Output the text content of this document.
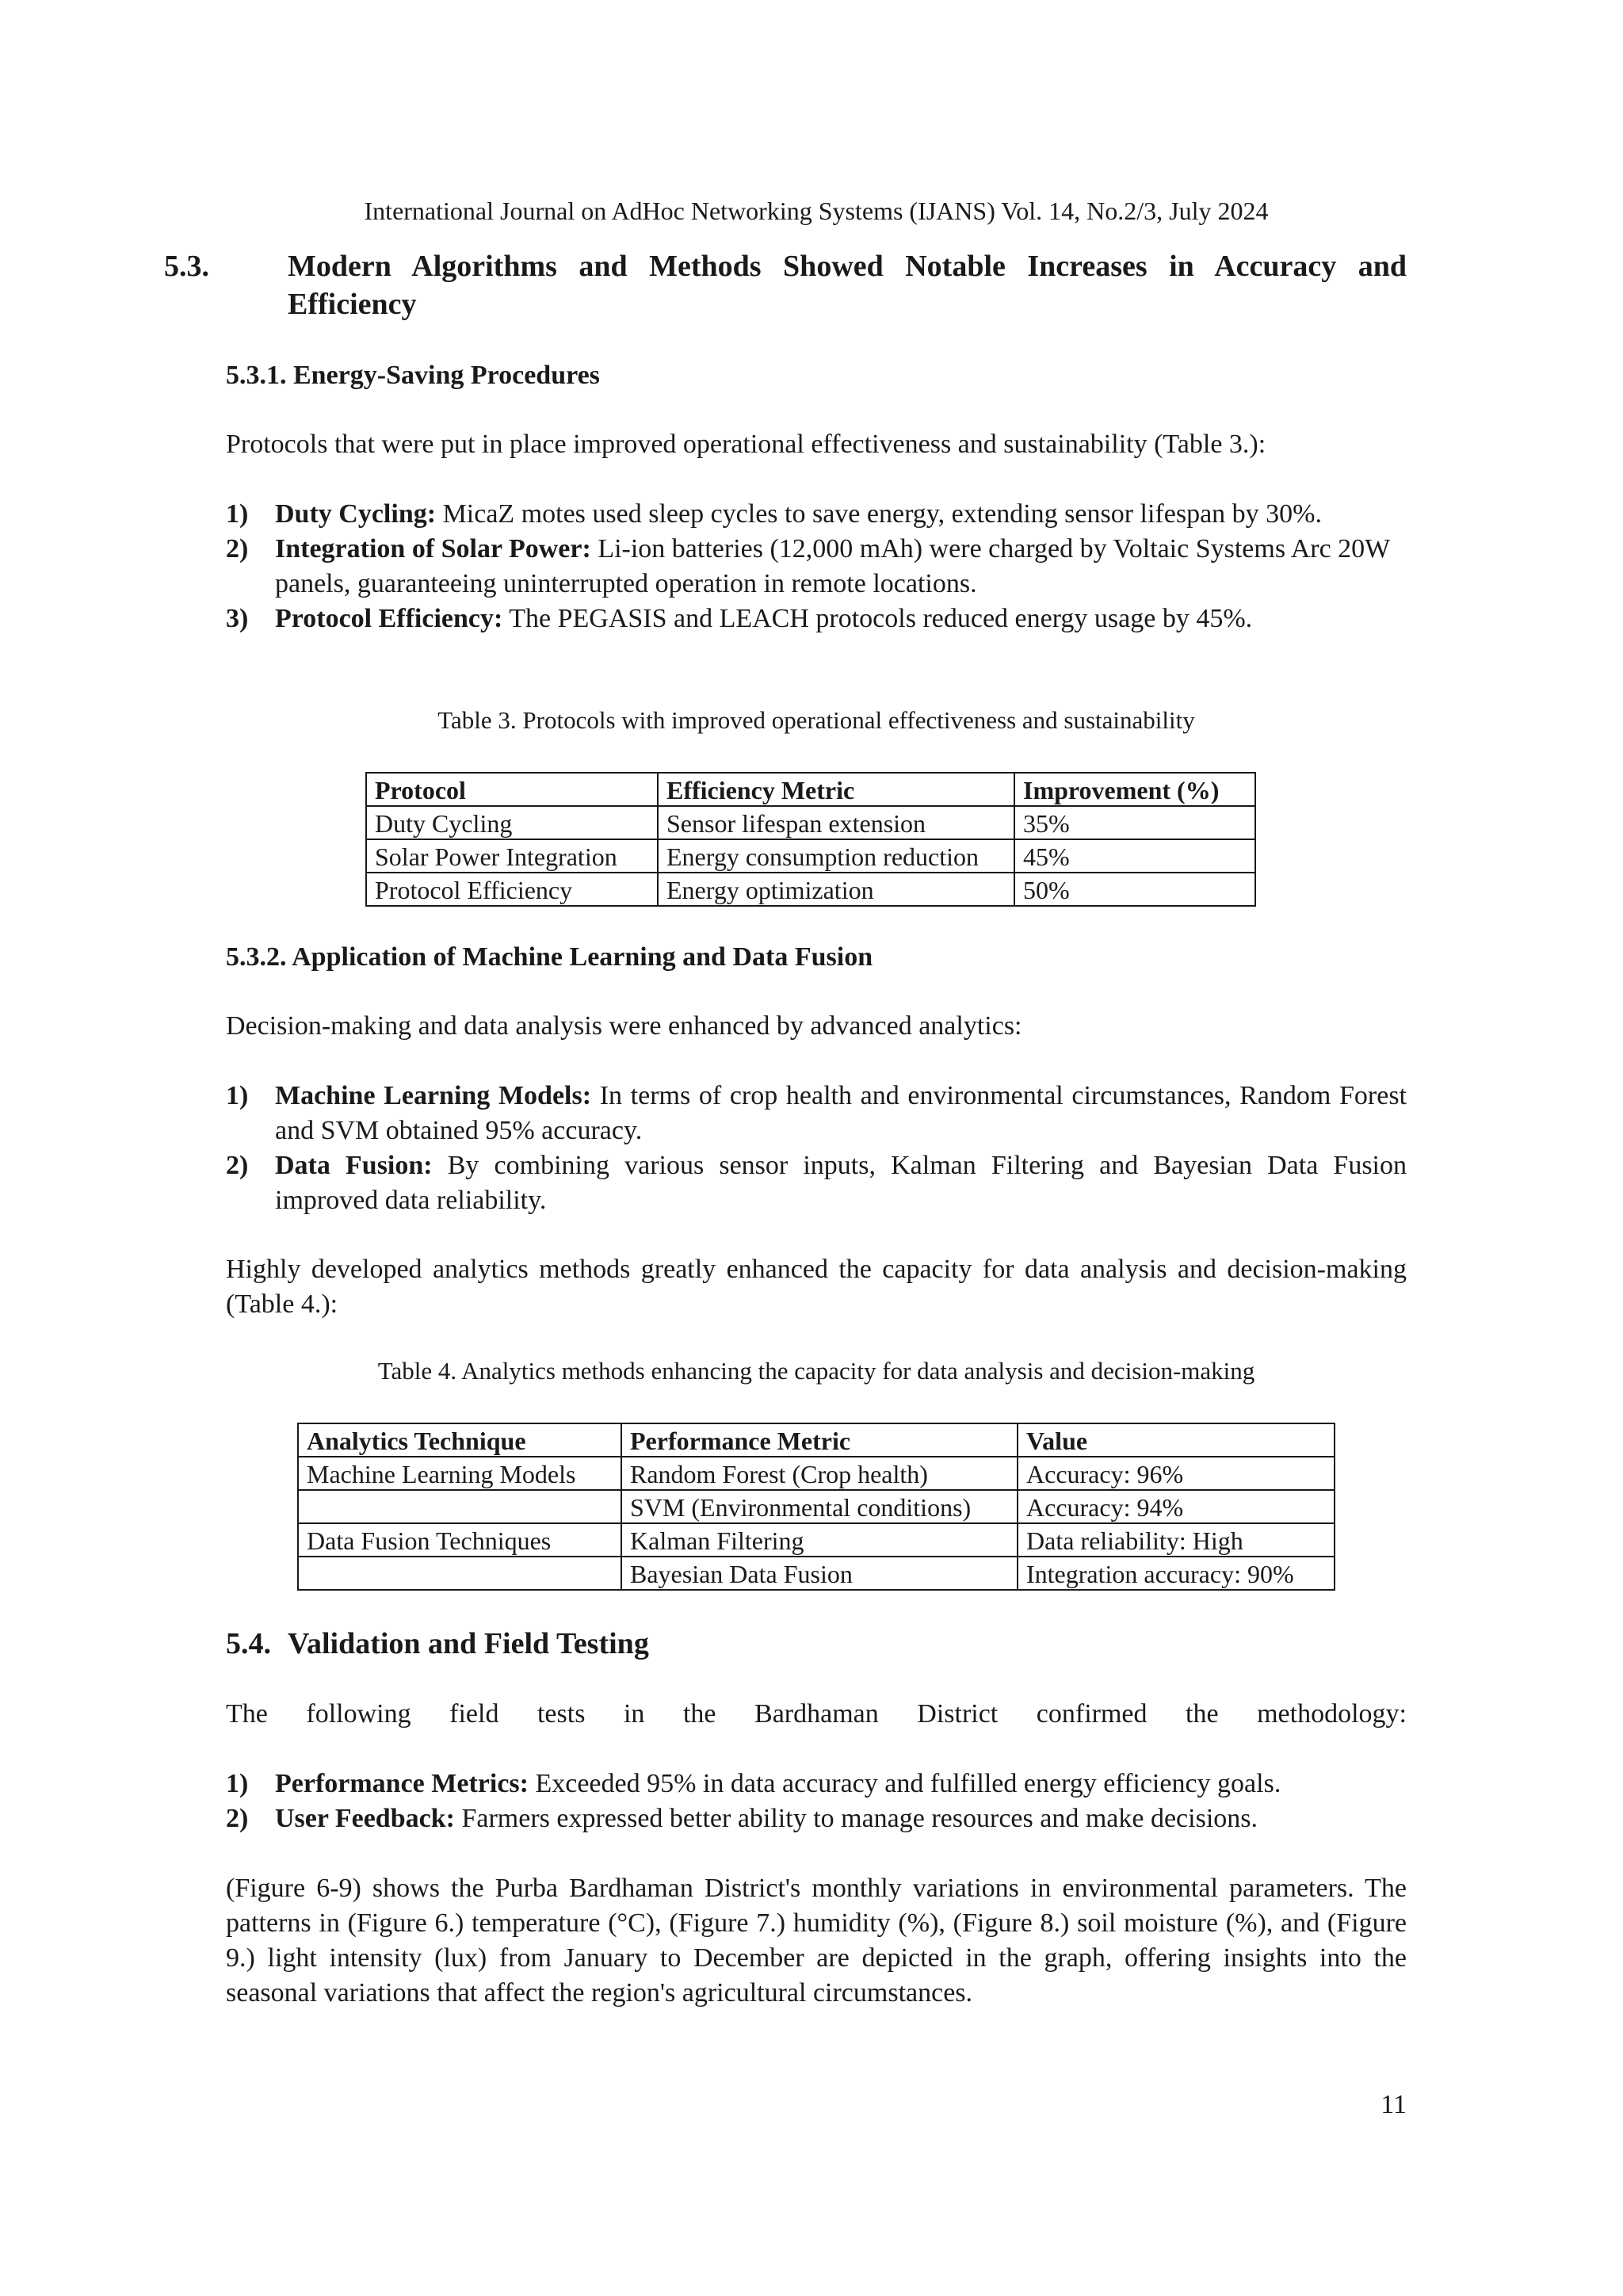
International Journal on AdHoc Networking Systems (IJANS) Vol. 14, No.2/3, July 2024
5.3.	Modern Algorithms and Methods Showed Notable Increases in Accuracy and Efficiency
5.3.1. Energy-Saving Procedures

Protocols that were put in place improved operational effectiveness and sustainability (Table 3.):

1) Duty Cycling: MicaZ motes used sleep cycles to save energy, extending sensor lifespan by 30%.
2) Integration of Solar Power: Li-ion batteries (12,000 mAh) were charged by Voltaic Systems Arc 20W panels, guaranteeing uninterrupted operation in remote locations.
3) Protocol Efficiency: The PEGASIS and LEACH protocols reduced energy usage by 45%.
Table 3. Protocols with improved operational effectiveness and sustainability
Protocol	Efficiency Metric	Improvement (%)
Duty Cycling	Sensor lifespan extension	35%
Solar Power Integration	Energy consumption reduction	45%
Protocol Efficiency	Energy optimization	50%
5.3.2. Application of Machine Learning and Data Fusion

Decision-making and data analysis were enhanced by advanced analytics:

1) Machine Learning Models: In terms of crop health and environmental circumstances, Random Forest and SVM obtained 95% accuracy.
2) Data Fusion: By combining various sensor inputs, Kalman Filtering and Bayesian Data Fusion improved data reliability.

Highly developed analytics methods greatly enhanced the capacity for data analysis and decision-making (Table 4.):

Table 4. Analytics methods enhancing the capacity for data analysis and decision-making
Analytics Technique	Performance Metric	Value
Machine Learning Models	Random Forest (Crop health)	Accuracy: 96%
	SVM (Environmental conditions)	Accuracy: 94%
Data Fusion Techniques	Kalman Filtering	Data reliability: High
	Bayesian Data Fusion	Integration accuracy: 90%
5.4. Validation and Field Testing

The following field tests in the Bardhaman District confirmed the methodology:

1) Performance Metrics: Exceeded 95% in data accuracy and fulfilled energy efficiency goals.
2) User Feedback: Farmers expressed better ability to manage resources and make decisions.

(Figure 6-9) shows the Purba Bardhaman District's monthly variations in environmental parameters. The patterns in (Figure 6.) temperature (°C), (Figure 7.) humidity (%), (Figure 8.) soil moisture (%), and (Figure 9.) light intensity (lux) from January to December are depicted in the graph, offering insights into the seasonal variations that affect the region's agricultural circumstances.

11
